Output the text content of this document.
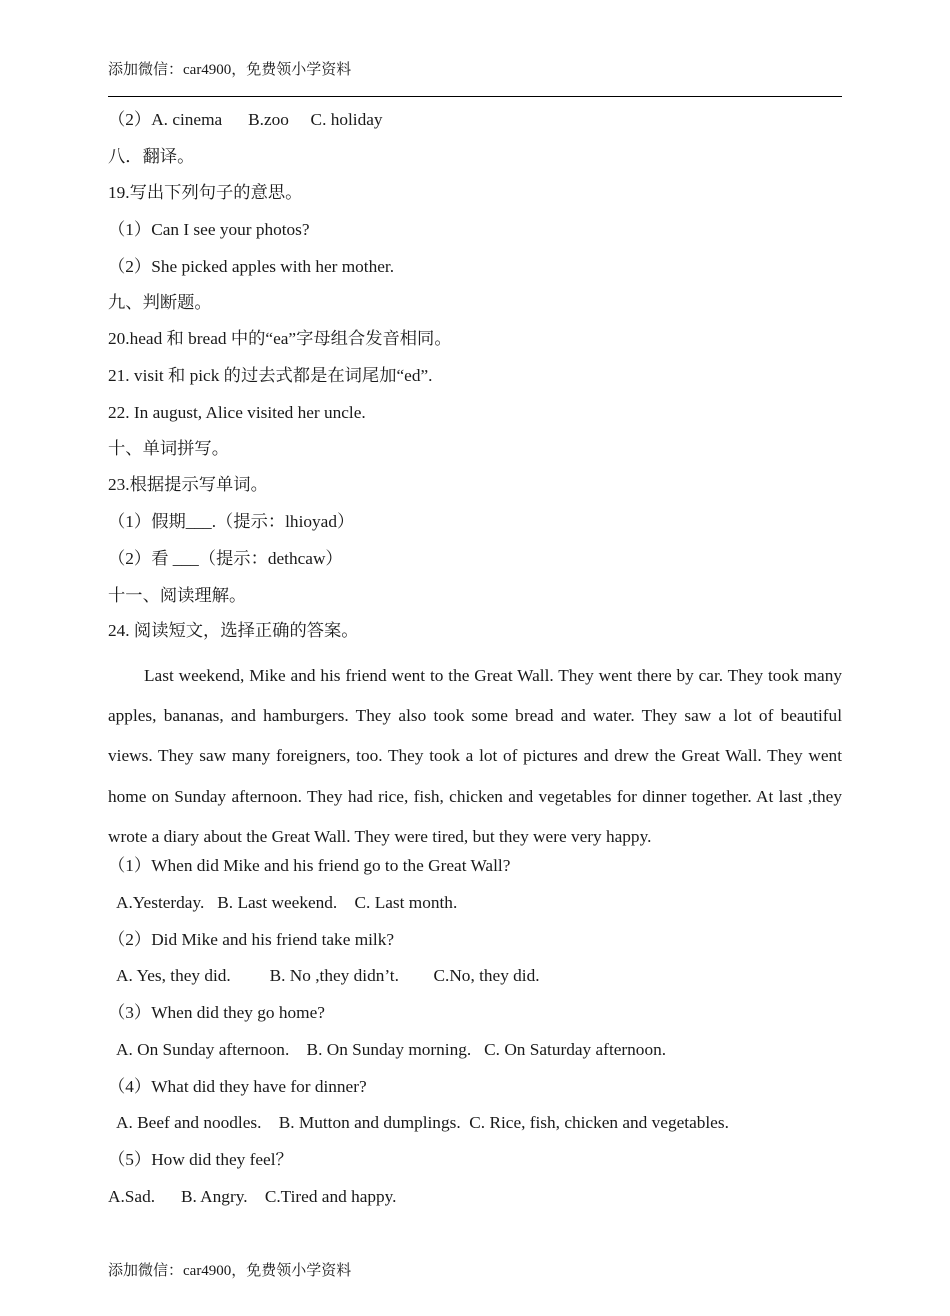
添加微信：car4900，免费领小学资料
（2）A. cinema      B.zoo     C. holiday
八．翻译。
19.写出下列句子的意思。
（1）Can I see your photos?
（2）She picked apples with her mother.
九、判断题。
20.head 和 bread 中的“ea”字母组合发音相同。
21. visit 和 pick 的过去式都是在词尾加“ed”.
22. In august, Alice visited her uncle.
十、单词拼写。
23.根据提示写单词。
（1）假期___.（提示：lhioyad）
（2）看 ___（提示：dethcaw）
十一、阅读理解。
24. 阅读短文，选择正确的答案。
Last weekend, Mike and his friend went to the Great Wall. They went there by car. They took many apples, bananas, and hamburgers. They also took some bread and water. They saw a lot of beautiful views. They saw many foreigners, too. They took a lot of pictures and drew the Great Wall. They went home on Sunday afternoon. They had rice, fish, chicken and vegetables for dinner together. At last ,they wrote a diary about the Great Wall. They were tired, but they were very happy.
（1）When did Mike and his friend go to the Great Wall?
A.Yesterday.   B. Last weekend.    C. Last month.
（2）Did Mike and his friend take milk?
A. Yes, they did.         B. No ,they didn’t.        C.No, they did.
（3）When did they go home?
A. On Sunday afternoon.    B. On Sunday morning.   C. On Saturday afternoon.
（4）What did they have for dinner?
A. Beef and noodles.    B. Mutton and dumplings.  C. Rice, fish, chicken and vegetables.
（5）How did they feel？
A.Sad.      B. Angry.    C.Tired and happy.
添加微信：car4900，免费领小学资料
